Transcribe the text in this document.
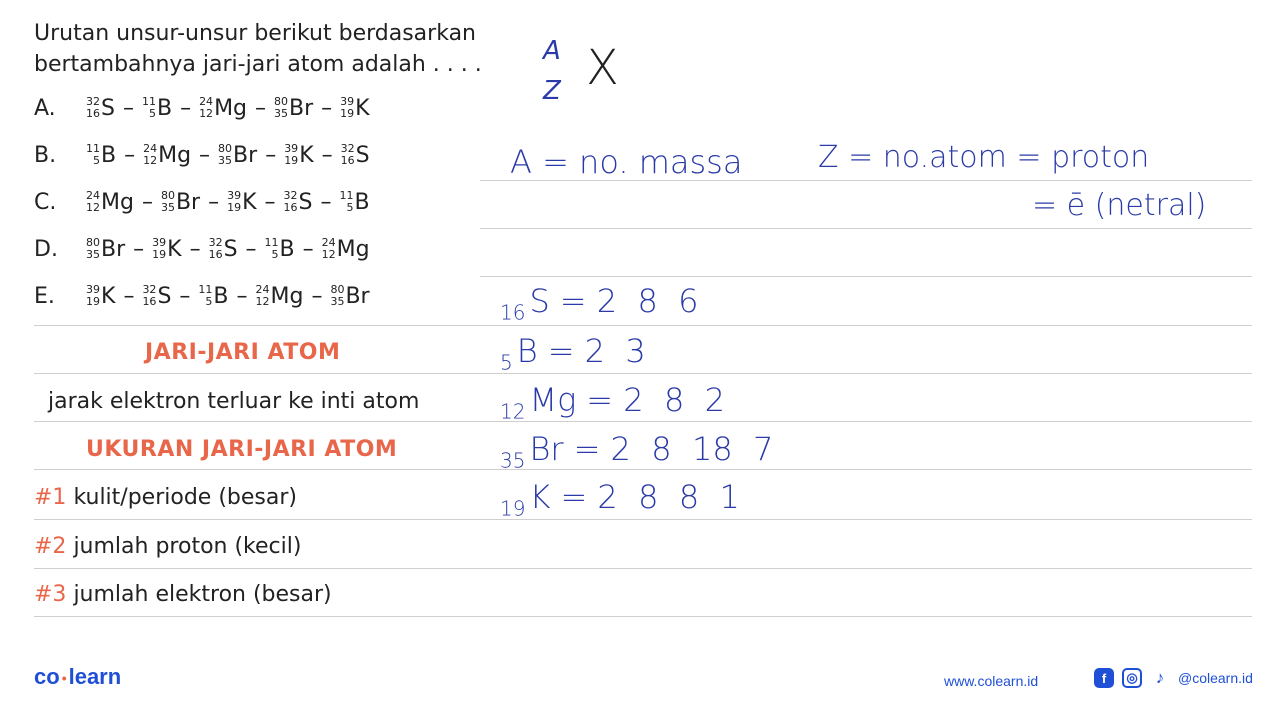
Urutan unsur-unsur berikut berdasarkan
bertambahnya jari-jari atom adalah . . . .
A.	32
16 S – 11
5 B – 24
12 Mg – 80
35 Br – 39
19 K
B.	11
5 B – 24
12 Mg – 80
35 Br – 39
19 K – 32
16 S
C.	24
12 Mg – 80
35 Br – 39
19 K – 32
16 S – 11
5 B
D.	80
35 Br – 39
19 K – 32
16 S – 11
5 B – 24
12 Mg
E.	39
19 K – 32
16 S – 11
5 B – 24
12 Mg – 80
35 Br
JARI-JARI ATOM
jarak elektron terluar ke inti atom
UKURAN JARI-JARI ATOM
#1 kulit/periode (besar)
#2 jumlah proton (kecil)
#3 jumlah elektron (besar)
A
Z X
A = no. massa	Z = no.atom = proton
= ē (netral)
$_{16}$ S = 2  8  6
$_5$ B = 2  3
$_{12}$ Mg = 2  8  2
$_{35}$ Br = 2  8  18  7
$_{19}$ K = 2  8  8  1
co •learn	www.colearn.id	f	◎	♪ @colearn.id
